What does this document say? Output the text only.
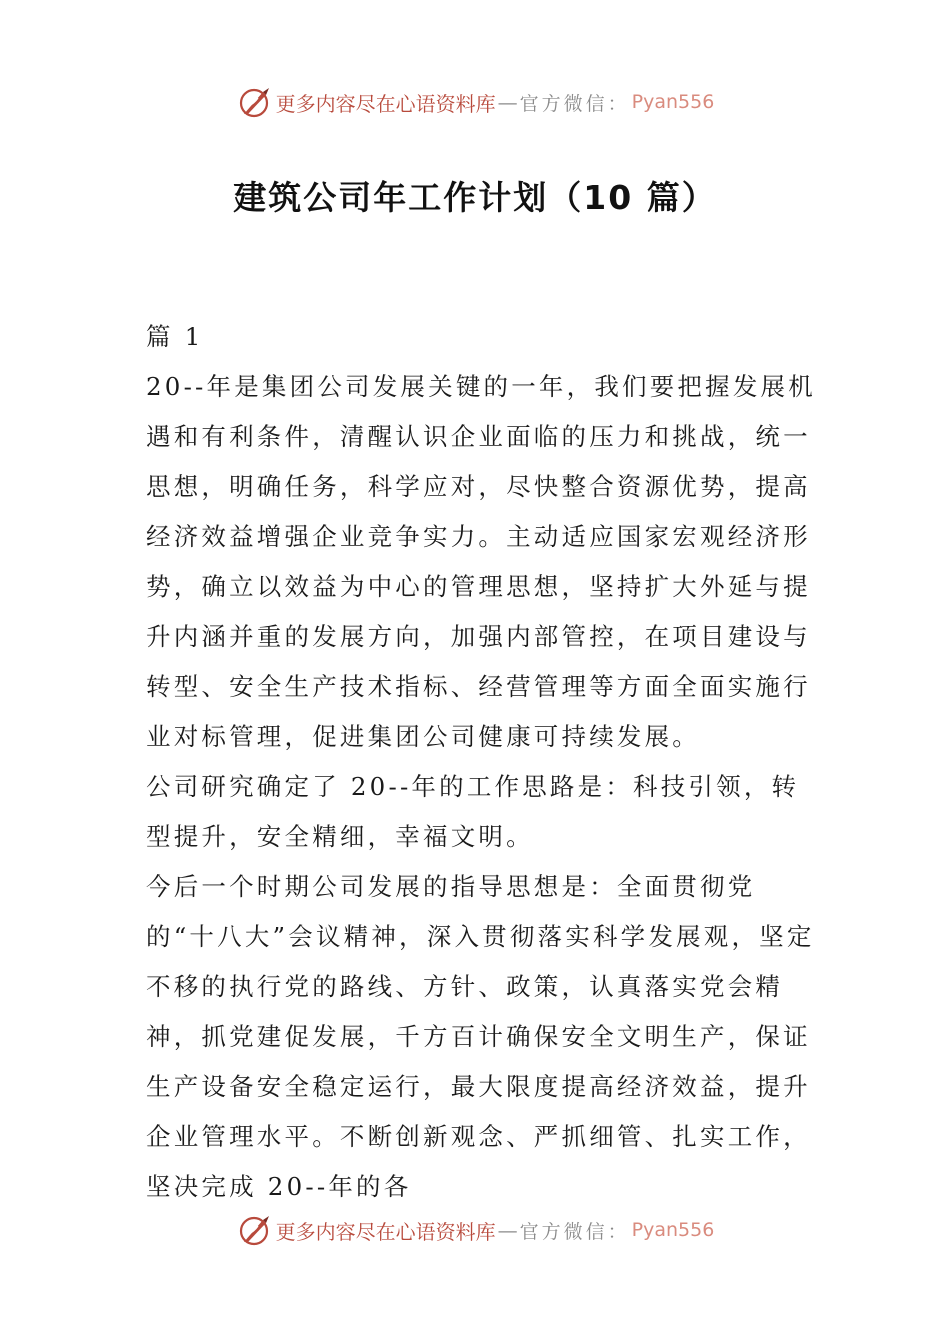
更多内容尽在心语资料库 — 官方微信： Pyan556
建筑公司年工作计划（10 篇）

篇 1

20--年是集团公司发展关键的一年，我们要把握发展机遇和有利条件，清醒认识企业面临的压力和挑战，统一思想，明确任务，科学应对，尽快整合资源优势，提高经济效益增强企业竞争实力。主动适应国家宏观经济形势，确立以效益为中心的管理思想，坚持扩大外延与提升内涵并重的发展方向，加强内部管控，在项目建设与转型、安全生产技术指标、经营管理等方面全面实施行业对标管理，促进集团公司健康可持续发展。

公司研究确定了 20--年的工作思路是：科技引领，转型提升，安全精细，幸福文明。

今后一个时期公司发展的指导思想是：全面贯彻党的“十八大”会议精神，深入贯彻落实科学发展观，坚定不移的执行党的路线、方针、政策，认真落实党会精神，抓党建促发展，千方百计确保安全文明生产，保证生产设备安全稳定运行，最大限度提高经济效益，提升企业管理水平。不断创新观念、严抓细管、扎实工作，坚决完成 20--年的各

更多内容尽在心语资料库 — 官方微信： Pyan556
